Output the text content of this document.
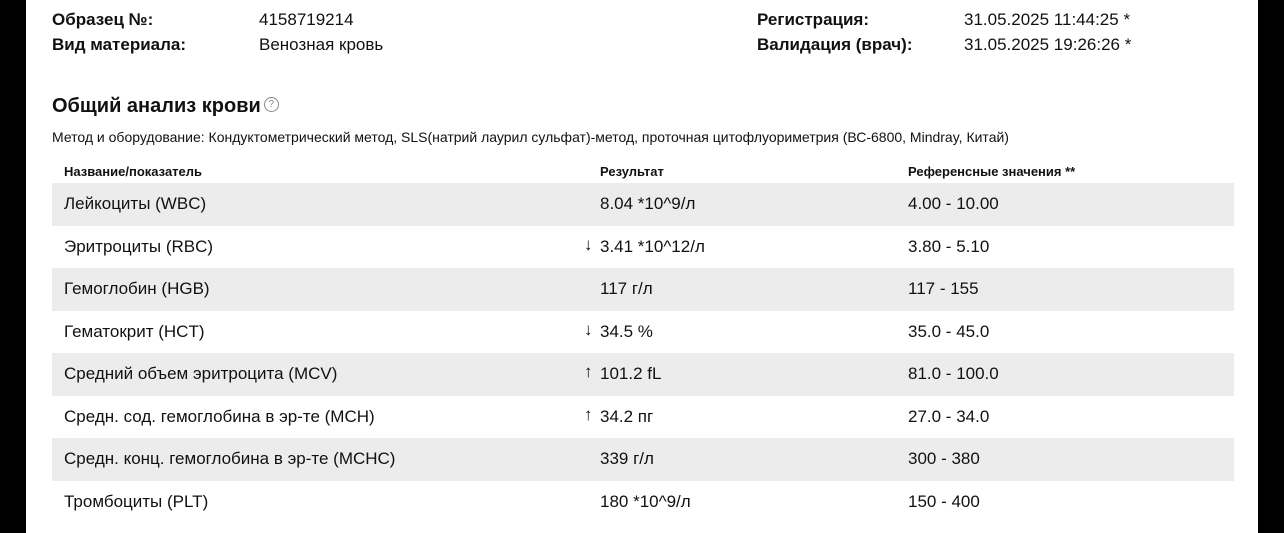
Образец №:	4158719214
Вид материала:	Венозная кровь
Регистрация:	31.05.2025 11:44:25 *
Валидация (врач):	31.05.2025 19:26:26 *
Общий анализ крови ?
Метод и оборудование: Кондуктометрический метод, SLS(натрий лаурил сульфат)-метод, проточная цитофлуориметрия (ВС-6800, Mindray, Китай)
Название/показатель	Результат	Референсные значения **
Лейкоциты (WBC)	8.04 *10^9/л	4.00 - 10.00
Эритроциты (RBC)	↓ 3.41 *10^12/л	3.80 - 5.10
Гемоглобин (HGB)	117 г/л	117 - 155
Гематокрит (HCT)	↓ 34.5 %	35.0 - 45.0
Средний объем эритроцита (MCV)	↑ 101.2 fL	81.0 - 100.0
Средн. сод. гемоглобина в эр-те (MCH)	↑ 34.2 пг	27.0 - 34.0
Средн. конц. гемоглобина в эр-те (MCHC)	339 г/л	300 - 380
Тромбоциты (PLT)	180 *10^9/л	150 - 400
